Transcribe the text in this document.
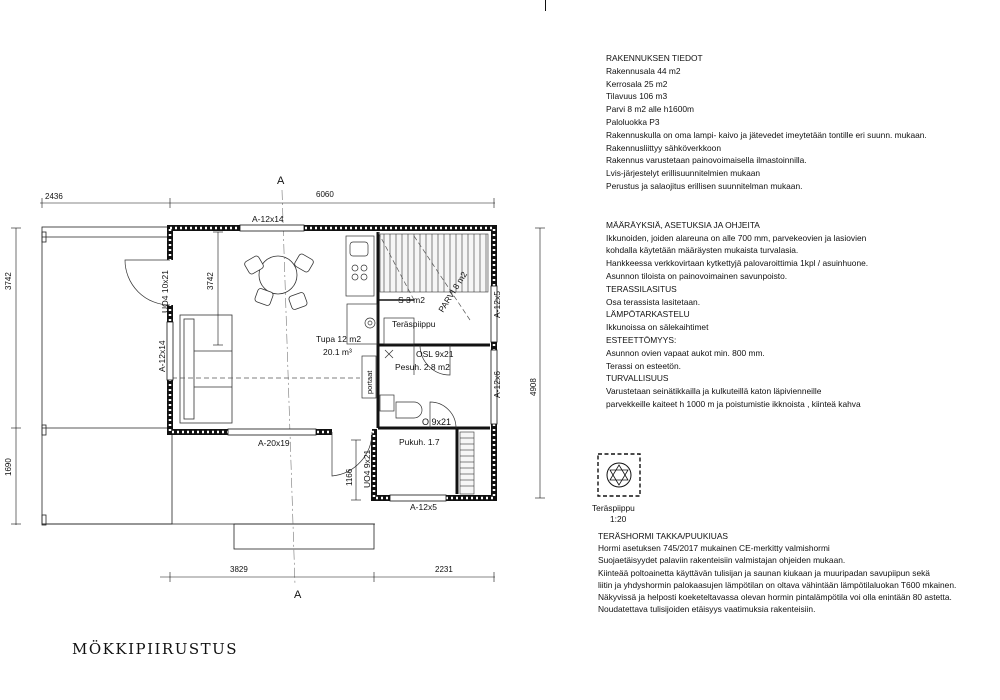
2436	6060
3742
1690
4908
3829	2231
3742
1166
A
A
A-12x14
UO4 10x21
A-12x14
A-20x19
A-12x5
A-12x6
UO4 9x21
A-12x5
OSL 9x21
O 9x21
Tupa 12 m2
20.1 m³
S 3 m2 PARVI 8 m2
Teräspiippu
Pesuh. 2.8 m2
Pukuh. 1.7
portaat
RAKENNUKSEN TIEDOT
Rakennusala 44 m2
Kerrosala 25 m2
Tilavuus 106 m3
Parvi 8 m2 alle h1600m
Paloluokka P3
Rakennuskulla on oma lampi- kaivo ja jätevedet imeytetään tontille eri suunn. mukaan.
Rakennusliittyy sähköverkkoon
Rakennus varustetaan painovoimaisella ilmastoinnilla.
Lvis-järjestelyt erillisuunnitelmien mukaan
Perustus ja salaojitus erillisen suunnitelman mukaan.
MÄÄRÄYKSIÄ, ASETUKSIA JA OHJEITA
Ikkunoiden, joiden alareuna on alle 700 mm, parvekeovien ja lasiovien
kohdalla käytetään määräysten mukaista turvalasia.
Hankkeessa verkkovirtaan kytkettyjä palovaroittimia 1kpl / asuinhuone.
Asunnon tiloista on painovoimainen savunpoisto.
TERASSILASITUS
Osa terassista lasitetaan.
LÄMPÖTARKASTELU
Ikkunoissa on sälekaihtimet
ESTEETTÖMYYS:
Asunnon ovien vapaat aukot min. 800 mm.
Terassi on esteetön.
TURVALLISUUS
Varustetaan seinätikkailla ja kulkuteillä katon läpivienneille
parvekkeille kaiteet h 1000 m ja poistumistie ikknoista , kiinteä kahva
Teräspiippu
1:20
TERÄSHORMI TAKKA/PUUKIUAS
Hormi asetuksen 745/2017 mukainen CE-merkitty valmishormi
Suojaetäisyydet palaviin rakenteisiin valmistajan ohjeiden mukaan.
Kiinteää poltoainetta käyttävän tulisijan ja saunan kiukaan ja muuripadan savupiipun sekä
liitin ja yhdyshormin palokaasujen lämpötilan on oltava vähintään lämpötilaluokan T600 mkainen.
Näkyvissä ja helposti koeketeltavassa olevan hormin pintalämpötila voi olla enintään 80 astetta.
Noudatettava tulisijoiden etäisyys vaatimuksia rakenteisiin.
MÖKKIPIIRUSTUS
